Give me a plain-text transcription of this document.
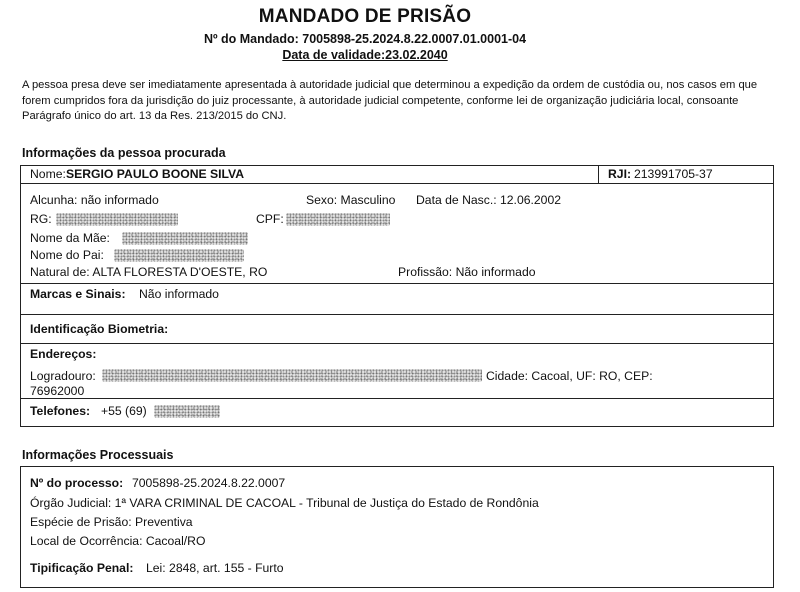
MANDADO DE PRISÃO
Nº do Mandado: 7005898-25.2024.8.22.0007.01.0001-04
Data de validade:23.02.2040
A pessoa presa deve ser imediatamente apresentada à autoridade judicial que determinou a expedição da ordem de custódia ou, nos casos em que forem cumpridos fora da jurisdição do juiz processante, à autoridade judicial competente, conforme lei de organização judiciária local, consoante Parágrafo único do art. 13 da Res. 213/2015 do CNJ.
Informações da pessoa procurada
Nome: SERGIO PAULO BOONE SILVA	RJI: 213991705-37
Alcunha: não informado	Sexo: Masculino Data de Nasc.: 12.06.2002
RG:	CPF:
Nome da Mãe:
Nome do Pai:
Natural de: ALTA FLORESTA D'OESTE, RO	Profissão: Não informado
Marcas e Sinais: Não informado
Identificação Biometria:
Endereços:
Logradouro:	Cidade: Cacoal, UF: RO, CEP:
76962000
Telefones: +55 (69)
Informações Processuais
Nº do processo: 7005898-25.2024.8.22.0007
Órgão Judicial: 1ª VARA CRIMINAL DE CACOAL - Tribunal de Justiça do Estado de Rondônia
Espécie de Prisão: Preventiva
Local de Ocorrência: Cacoal/RO
Tipificação Penal: Lei: 2848, art. 155 - Furto
